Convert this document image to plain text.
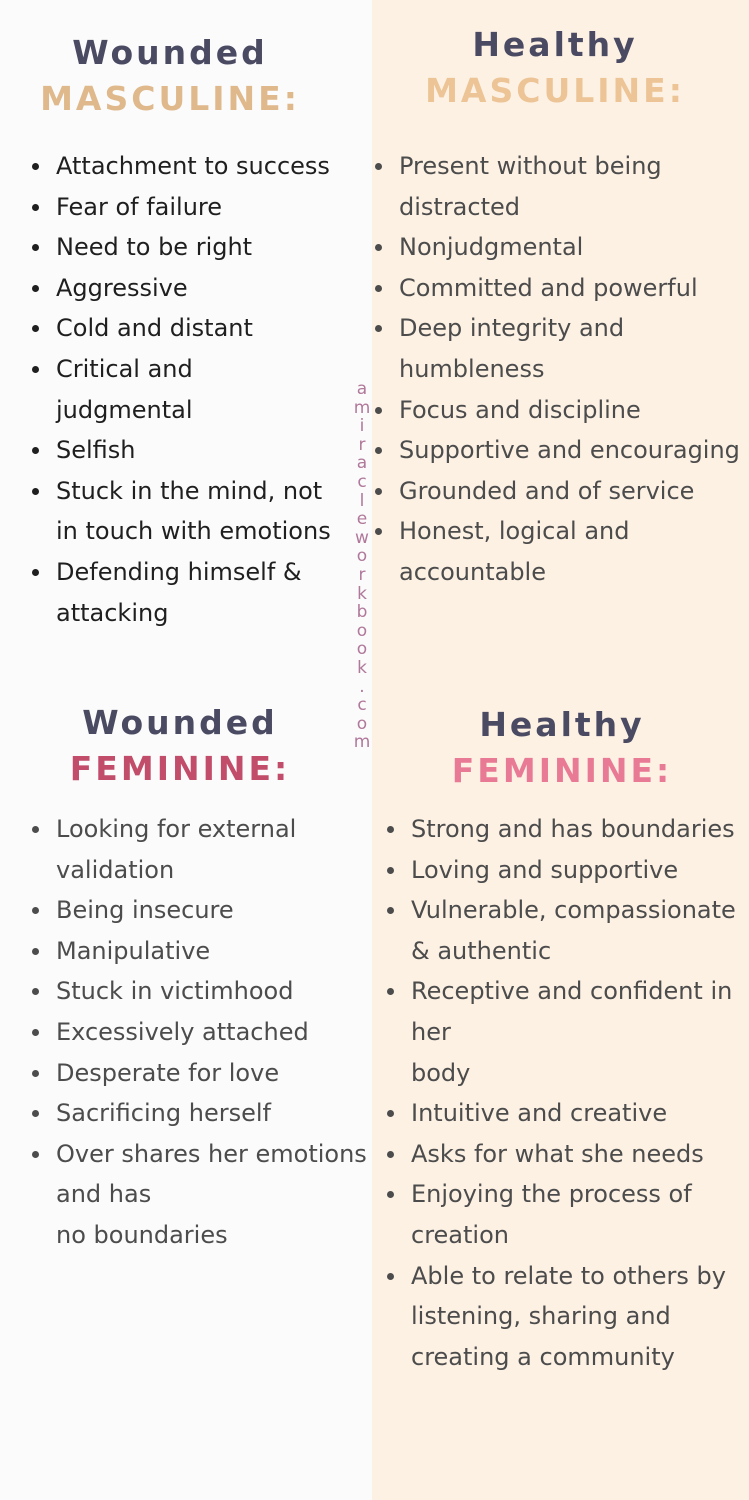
Wounded
MASCULINE:
Attachment to success
Fear of failure
Need to be right
Aggressive
Cold and distant
Critical and
judgmental
Selfish
Stuck in the mind, not
in touch with emotions
Defending himself &
attacking
Healthy
MASCULINE:
Present without being
distracted
Nonjudgmental
Committed and powerful
Deep integrity and
humbleness
Focus and discipline
Supportive and encouraging
Grounded and of service
Honest, logical and
accountable
Wounded
FEMININE:
Looking for external
validation
Being insecure
Manipulative
Stuck in victimhood
Excessively attached
Desperate for love
Sacrificing herself
Over shares her emotions
and has
no boundaries
Healthy
FEMININE:
Strong and has boundaries
Loving and supportive
Vulnerable, compassionate
& authentic
Receptive and confident in
her
body
Intuitive and creative
Asks for what she needs
Enjoying the process of
creation
Able to relate to others by
listening, sharing and
creating a community
a
m
i
r
a
c
l
e
w
o
r
k
b
o
o
k
.
c
o
m
